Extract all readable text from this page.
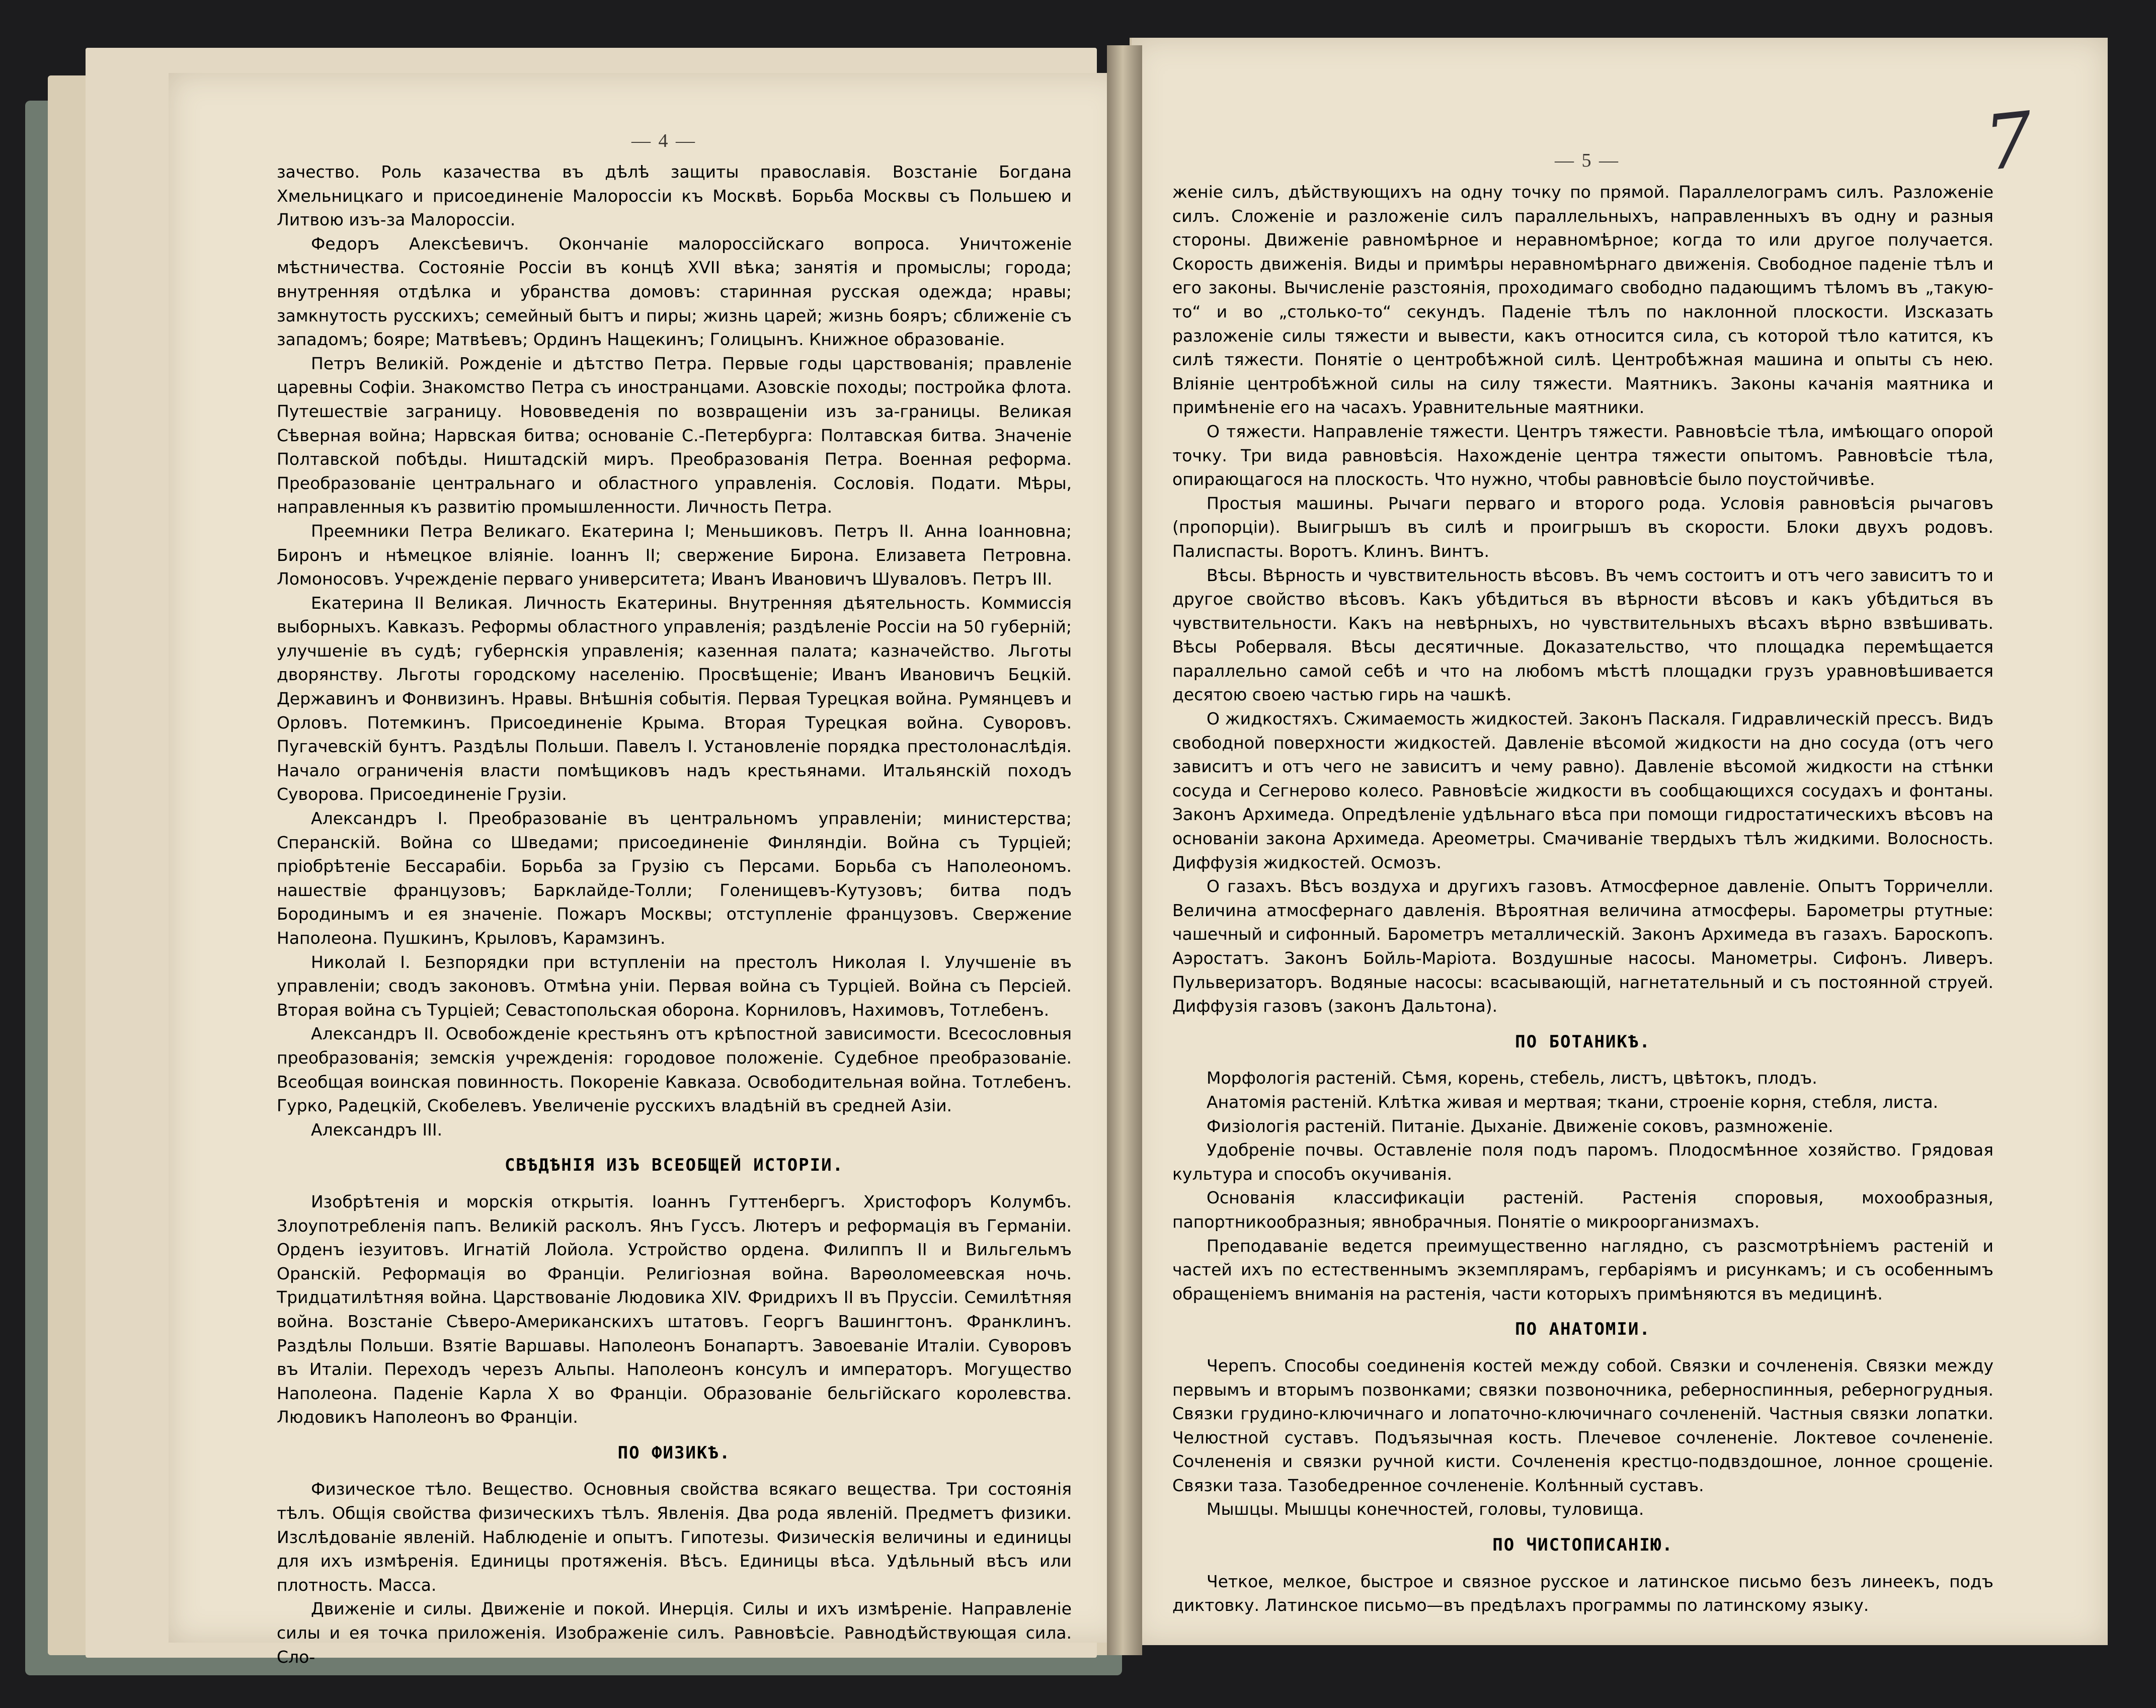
— 4 —
— 5 —	7

зачество. Роль казачества въ дѣлѣ защиты православія. Возстаніе Богдана Хмельницкаго и присоединеніе Малороссіи къ Москвѣ. Борьба Москвы съ Польшею и Литвою изъ-за Малороссіи.

Федоръ Алексѣевичъ. Окончаніе малороссійскаго вопроса. Уничтоженіе мѣстничества. Состояніе Россіи въ концѣ XVII вѣка; занятія и промыслы; города; внутренняя отдѣлка и убранства домовъ: старинная русская одежда; нравы; замкнутость русскихъ; семейный бытъ и пиры; жизнь царей; жизнь бояръ; сближеніе съ западомъ; бояре; Матвѣевъ; Ординъ Нащекинъ; Голицынъ. Книжное образованіе.

Петръ Великій. Рожденіе и дѣтство Петра. Первые годы царствованія; правленіе царевны Софіи. Знакомство Петра съ иностранцами. Азовскіе походы; постройка флота. Путешествіе заграницу. Нововведенія по возвращеніи изъ за-границы. Великая Сѣверная война; Нарвская битва; основаніе С.-Петербурга: Полтавская битва. Значеніе Полтавской побѣды. Ништадскій миръ. Преобразованія Петра. Военная реформа. Преобразованіе центральнаго и областного управленія. Сословія. Подати. Мѣры, направленныя къ развитію промышленности. Личность Петра.

Преемники Петра Великаго. Екатерина I; Меньшиковъ. Петръ II. Анна Іоанновна; Биронъ и нѣмецкое вліяніе. Іоаннъ II; свержение Бирона. Елизавета Петровна. Ломоносовъ. Учрежденіе перваго университета; Иванъ Ивановичъ Шуваловъ. Петръ III.

Екатерина II Великая. Личность Екатерины. Внутренняя дѣятельность. Коммиссія выборныхъ. Кавказъ. Реформы областного управленія; раздѣленіе Россіи на 50 губерній; улучшеніе въ судѣ; губернскія управленія; казенная палата; казначейство. Льготы дворянству. Льготы городскому населенію. Просвѣщеніе; Иванъ Ивановичъ Бецкій. Державинъ и Фонвизинъ. Нравы. Внѣшнія событія. Первая Турецкая война. Румянцевъ и Орловъ. Потемкинъ. Присоединеніе Крыма. Вторая Турецкая война. Суворовъ. Пугачевскій бунтъ. Раздѣлы Польши. Павелъ I. Установленіе порядка престолонаслѣдія. Начало ограниченія власти помѣщиковъ надъ крестьянами. Итальянскій походъ Суворова. Присоединеніе Грузіи.

Александръ I. Преобразованіе въ центральномъ управленіи; министерства; Сперанскій. Война со Шведами; присоединеніе Финляндіи. Война съ Турціей; пріобрѣтеніе Бессарабіи. Борьба за Грузію съ Персами. Борьба съ Наполеономъ. нашествіе французовъ; Барклайде-Толли; Голенищевъ-Кутузовъ; битва подъ Бородинымъ и ея значеніе. Пожаръ Москвы; отступленіе французовъ. Свержение Наполеона. Пушкинъ, Крыловъ, Карамзинъ.

Николай I. Безпорядки при вступленіи на престолъ Николая I. Улучшеніе въ управленіи; сводъ законовъ. Отмѣна уніи. Первая война съ Турціей. Война съ Персіей. Вторая война съ Турціей; Севастопольская оборона. Корниловъ, Нахимовъ, Тотлебенъ.

Александръ II. Освобожденіе крестьянъ отъ крѣпостной зависимости. Всесословныя преобразованія; земскія учрежденія: городовое положеніе. Судебное преобразованіе. Всеобщая воинская повинность. Покореніе Кавказа. Освободительная война. Тотлебенъ. Гурко, Радецкій, Скобелевъ. Увеличеніе русскихъ владѣній въ средней Азіи.

Александръ III.

СВѢДѢНІЯ ИЗЪ ВСЕОБЩЕЙ ИСТОРІИ.

Изобрѣтенія и морскія открытія. Іоаннъ Гуттенбергъ. Христофоръ Колумбъ. Злоупотребленія папъ. Великій расколъ. Янъ Гуссъ. Лютеръ и реформація въ Германіи. Орденъ іезуитовъ. Игнатій Лойола. Устройство ордена. Филиппъ II и Вильгельмъ Оранскій. Реформація во Франціи. Религіозная война. Варѳоломеевская ночь. Тридцатилѣтняя война. Царствованіе Людовика XIV. Фридрихъ II въ Пруссіи. Семилѣтняя война. Возстаніе Сѣверо-Американскихъ штатовъ. Георгъ Вашингтонъ. Франклинъ. Раздѣлы Польши. Взятіе Варшавы. Наполеонъ Бонапартъ. Завоеваніе Италіи. Суворовъ въ Италіи. Переходъ черезъ Альпы. Наполеонъ консулъ и императоръ. Могущество Наполеона. Паденіе Карла X во Франціи. Образованіе бельгійскаго королевства. Людовикъ Наполеонъ во Франціи.

ПО ФИЗИКѢ.

Физическое тѣло. Вещество. Основныя свойства всякаго вещества. Три состоянія тѣлъ. Общія свойства физическихъ тѣлъ. Явленія. Два рода явленій. Предметъ физики. Изслѣдованіе явленій. Наблюденіе и опытъ. Гипотезы. Физическія величины и единицы для ихъ измѣренія. Единицы протяженія. Вѣсъ. Единицы вѣса. Удѣльный вѣсъ или плотность. Масса.

Движеніе и силы. Движеніе и покой. Инерція. Силы и ихъ измѣреніе. Направленіе силы и ея точка приложенія. Изображеніе силъ. Равновѣсіе. Равнодѣйствующая сила. Сло-

женіе силъ, дѣйствующихъ на одну точку по прямой. Параллелограмъ силъ. Разложеніе силъ. Сложеніе и разложеніе силъ параллельныхъ, направленныхъ въ одну и разныя стороны. Движеніе равномѣрное и неравномѣрное; когда то или другое получается. Скорость движенія. Виды и примѣры неравномѣрнаго движенія. Свободное паденіе тѣлъ и его законы. Вычисленіе разстоянія, проходимаго свободно падающимъ тѣломъ въ „такую-то“ и во „столько-то“ секундъ. Паденіе тѣлъ по наклонной плоскости. Изсказать разложеніе силы тяжести и вывести, какъ относится сила, съ которой тѣло катится, къ силѣ тяжести. Понятіе о центробѣжной силѣ. Центробѣжная машина и опыты съ нею. Вліяніе центробѣжной силы на силу тяжести. Маятникъ. Законы качанія маятника и примѣненіе его на часахъ. Уравнительные маятники.

О тяжести. Направленіе тяжести. Центръ тяжести. Равновѣсіе тѣла, имѣющаго опорой точку. Три вида равновѣсія. Нахожденіе центра тяжести опытомъ. Равновѣсіе тѣла, опирающагося на плоскость. Что нужно, чтобы равновѣсіе было поустойчивѣе.

Простыя машины. Рычаги перваго и второго рода. Условія равновѣсія рычаговъ (пропорціи). Выигрышъ въ силѣ и проигрышъ въ скорости. Блоки двухъ родовъ. Палиспасты. Воротъ. Клинъ. Винтъ.

Вѣсы. Вѣрность и чувствительность вѣсовъ. Въ чемъ состоитъ и отъ чего зависитъ то и другое свойство вѣсовъ. Какъ убѣдиться въ вѣрности вѣсовъ и какъ убѣдиться въ чувствительности. Какъ на невѣрныхъ, но чувствительныхъ вѣсахъ вѣрно взвѣшивать. Вѣсы Роберваля. Вѣсы десятичные. Доказательство, что площадка перемѣщается параллельно самой себѣ и что на любомъ мѣстѣ площадки грузъ уравновѣшивается десятою своею частью гирь на чашкѣ.

О жидкостяхъ. Сжимаемость жидкостей. Законъ Паскаля. Гидравлическій прессъ. Видъ свободной поверхности жидкостей. Давленіе вѣсомой жидкости на дно сосуда (отъ чего зависитъ и отъ чего не зависитъ и чему равно). Давленіе вѣсомой жидкости на стѣнки сосуда и Сегнерово колесо. Равновѣсіе жидкости въ сообщающихся сосудахъ и фонтаны. Законъ Архимеда. Опредѣленіе удѣльнаго вѣса при помощи гидростатическихъ вѣсовъ на основаніи закона Архимеда. Ареометры. Смачиваніе твердыхъ тѣлъ жидкими. Волосность. Диффузія жидкостей. Осмозъ.

О газахъ. Вѣсъ воздуха и другихъ газовъ. Атмосферное давленіе. Опытъ Торричелли. Величина атмосфернаго давленія. Вѣроятная величина атмосферы. Барометры ртутные: чашечный и сифонный. Барометръ металлическій. Законъ Архимеда въ газахъ. Бароскопъ. Аэростатъ. Законъ Бойль-Маріота. Воздушные насосы. Манометры. Сифонъ. Ливеръ. Пульверизаторъ. Водяные насосы: всасывающій, нагнетательный и съ постоянной струей. Диффузія газовъ (законъ Дальтона).

ПО БОТАНИКѢ.

Морфологія растеній. Сѣмя, корень, стебель, листъ, цвѣтокъ, плодъ.

Анатомія растеній. Клѣтка живая и мертвая; ткани, строеніе корня, стебля, листа.

Физіологія растеній. Питаніе. Дыханіе. Движеніе соковъ, размноженіе.

Удобреніе почвы. Оставленіе поля подъ паромъ. Плодосмѣнное хозяйство. Грядовая культура и способъ окучиванія.

Основанія классификаціи растеній. Растенія споровыя, мохообразныя, папортникообразныя; явнобрачныя. Понятіе о микроорганизмахъ.

Преподаваніе ведется преимущественно наглядно, съ разсмотрѣніемъ растеній и частей ихъ по естественнымъ экземплярамъ, гербаріямъ и рисункамъ; и съ особеннымъ обращеніемъ вниманія на растенія, части которыхъ примѣняются въ медицинѣ.

ПО АНАТОМІИ.

Черепъ. Способы соединенія костей между собой. Связки и сочлененія. Связки между первымъ и вторымъ позвонками; связки позвоночника, реберноспинныя, реберногрудныя. Связки грудино-ключичнаго и лопаточно-ключичнаго сочлененій. Частныя связки лопатки. Челюстной суставъ. Подъязычная кость. Плечевое сочлененіе. Локтевое сочлененіе. Сочлененія и связки ручной кисти. Сочлененія крестцо-подвздошное, лонное срощеніе. Связки таза. Тазобедренное сочлененіе. Колѣнный суставъ.

Мышцы. Мышцы конечностей, головы, туловища.

ПО ЧИСТОПИСАНІЮ.

Четкое, мелкое, быстрое и связное русское и латинское письмо безъ линеекъ, подъ диктовку. Латинское письмо—въ предѣлахъ программы по латинскому языку.
